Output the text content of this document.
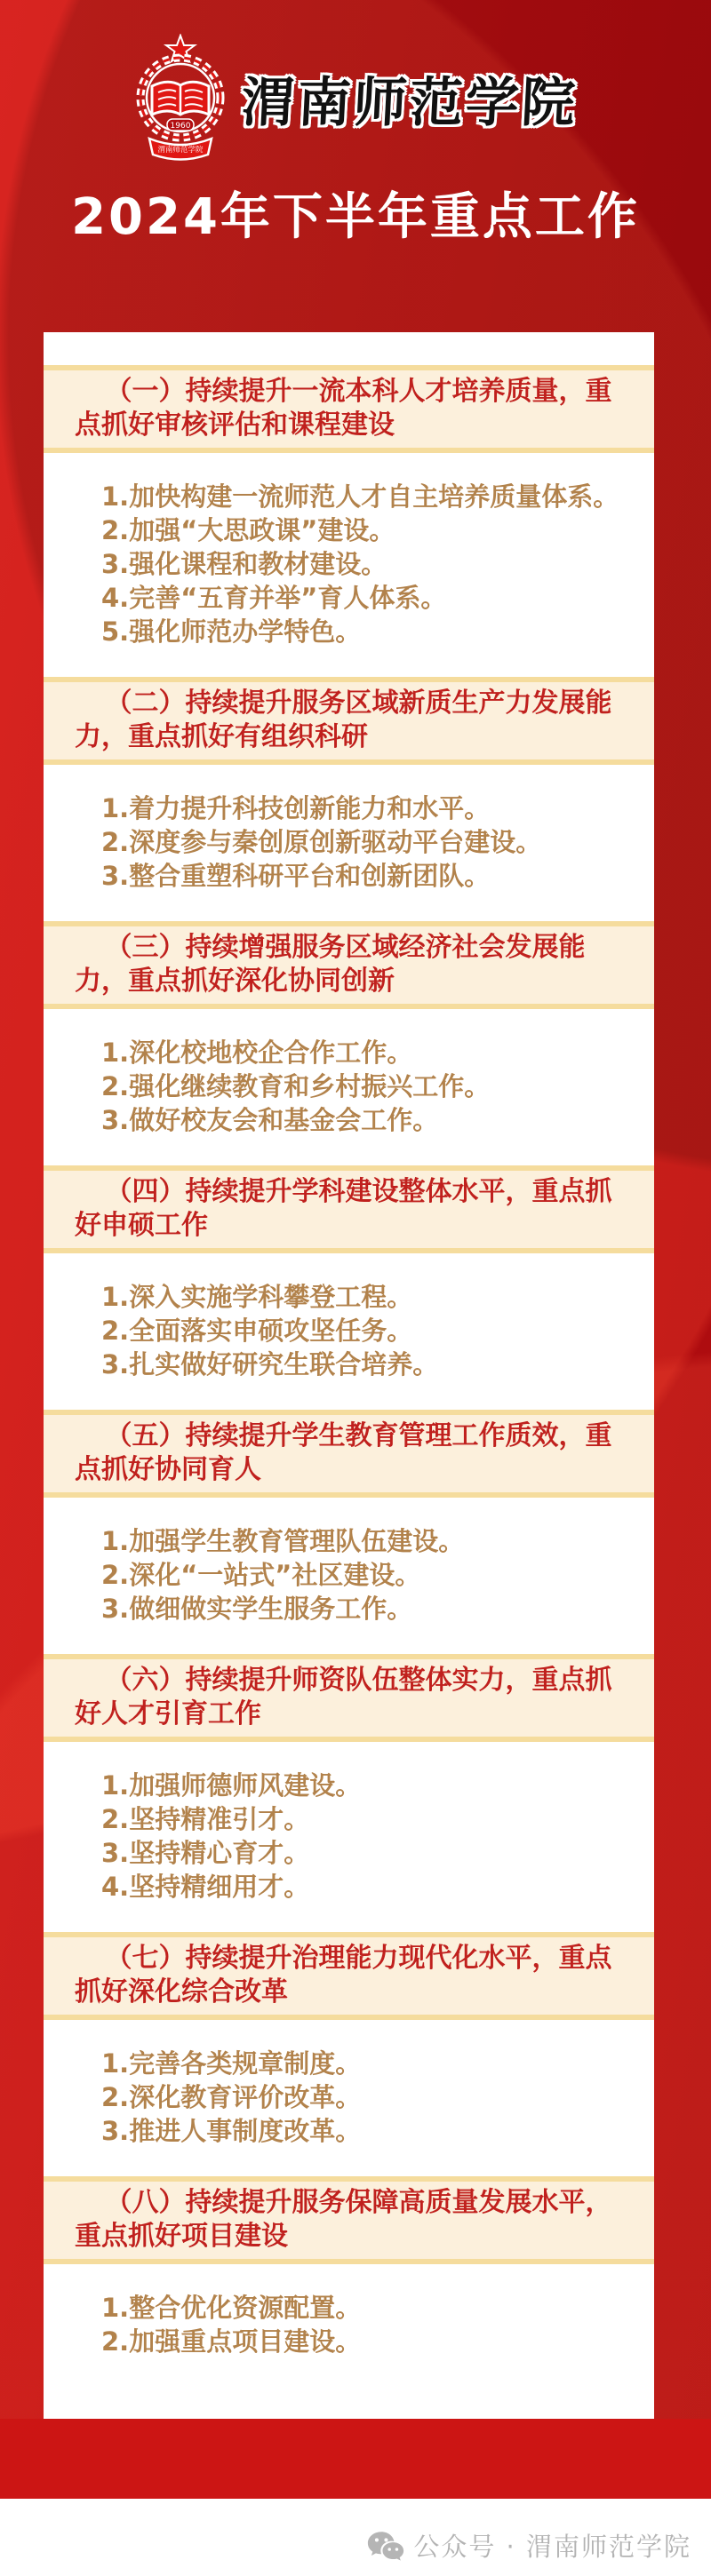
1960
渭南师范学院
渭南师范学院
2024年下半年重点工作
（一）持续提升一流本科人才培养质量，重点抓好审核评估和课程建设
1.加快构建一流师范人才自主培养质量体系。
2.加强“大思政课”建设。
3.强化课程和教材建设。
4.完善“五育并举”育人体系。
5.强化师范办学特色。
（二）持续提升服务区域新质生产力发展能力，重点抓好有组织科研
1.着力提升科技创新能力和水平。
2.深度参与秦创原创新驱动平台建设。
3.整合重塑科研平台和创新团队。
（三）持续增强服务区域经济社会发展能力，重点抓好深化协同创新
1.深化校地校企合作工作。
2.强化继续教育和乡村振兴工作。
3.做好校友会和基金会工作。
（四）持续提升学科建设整体水平，重点抓好申硕工作
1.深入实施学科攀登工程。
2.全面落实申硕攻坚任务。
3.扎实做好研究生联合培养。
（五）持续提升学生教育管理工作质效，重点抓好协同育人
1.加强学生教育管理队伍建设。
2.深化“一站式”社区建设。
3.做细做实学生服务工作。
（六）持续提升师资队伍整体实力，重点抓好人才引育工作
1.加强师德师风建设。
2.坚持精准引才。
3.坚持精心育才。
4.坚持精细用才。
（七）持续提升治理能力现代化水平，重点抓好深化综合改革
1.完善各类规章制度。
2.深化教育评价改革。
3.推进人事制度改革。
（八）持续提升服务保障高质量发展水平，重点抓好项目建设
1.整合优化资源配置。
2.加强重点项目建设。
公众号 · 渭南师范学院
